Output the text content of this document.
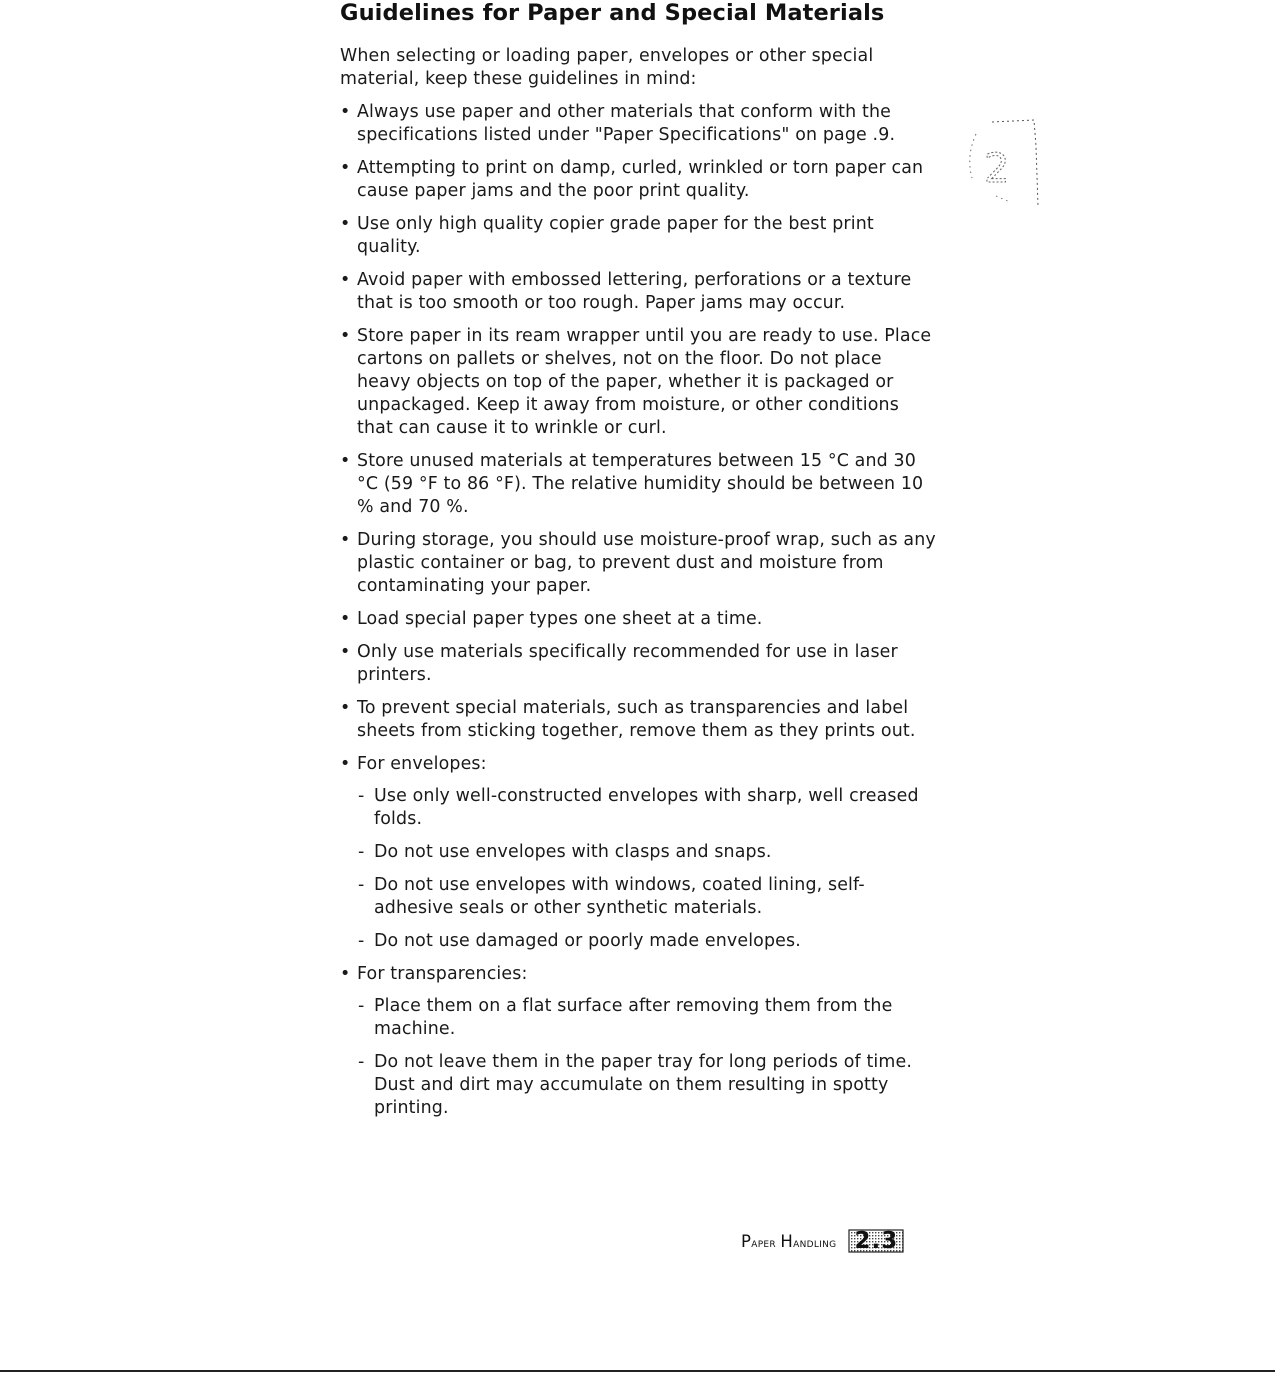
Guidelines for Paper and Special Materials

When selecting or loading paper, envelopes or other special material, keep these guidelines in mind:

• Always use paper and other materials that conform with the specifications listed under "Paper Specifications" on page .9.
• Attempting to print on damp, curled, wrinkled or torn paper can cause paper jams and the poor print quality.
• Use only high quality copier grade paper for the best print quality.
• Avoid paper with embossed lettering, perforations or a texture that is too smooth or too rough. Paper jams may occur.
• Store paper in its ream wrapper until you are ready to use. Place cartons on pallets or shelves, not on the floor. Do not place heavy objects on top of the paper, whether it is packaged or unpackaged. Keep it away from moisture, or other conditions that can cause it to wrinkle or curl.
• Store unused materials at temperatures between 15 °C and 30 °C (59 °F to 86 °F). The relative humidity should be between 10 % and 70 %.
• During storage, you should use moisture-proof wrap, such as any plastic container or bag, to prevent dust and moisture from contaminating your paper.
• Load special paper types one sheet at a time.
• Only use materials specifically recommended for use in laser printers.
• To prevent special materials, such as transparencies and label sheets from sticking together, remove them as they prints out.
• For envelopes:
- Use only well-constructed envelopes with sharp, well creased folds.
- Do not use envelopes with clasps and snaps.
- Do not use envelopes with windows, coated lining, self-adhesive seals or other synthetic materials.
- Do not use damaged or poorly made envelopes.
• For transparencies:
- Place them on a flat surface after removing them from the machine.
- Do not leave them in the paper tray for long periods of time. Dust and dirt may accumulate on them resulting in spotty printing.
2
Paper Handling 2.3
